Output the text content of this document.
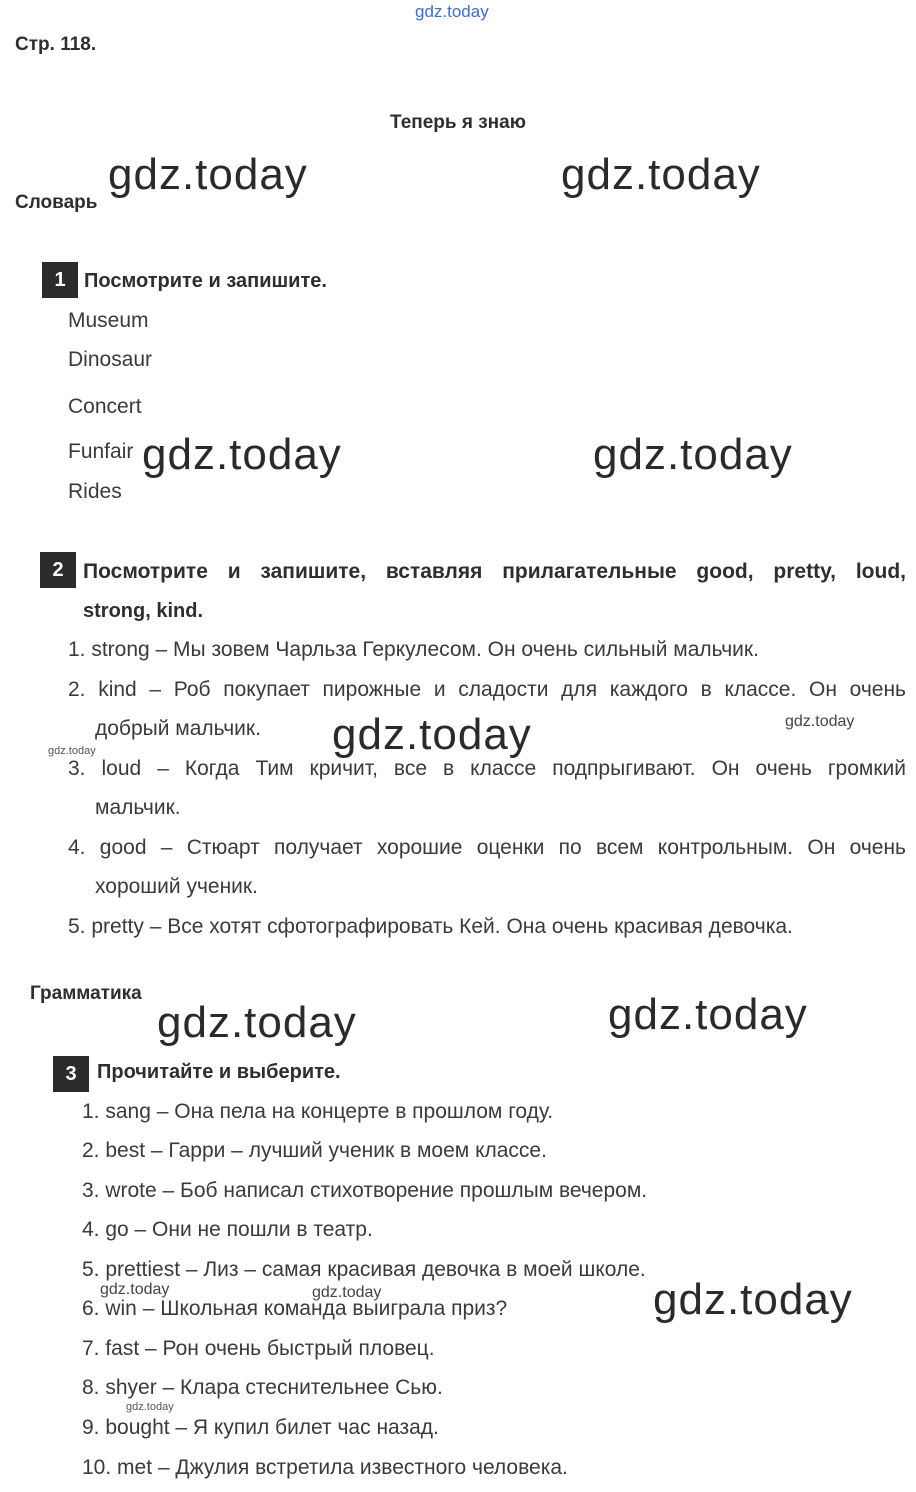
gdz.today
Стр. 118.
Теперь я знаю
gdz.today	gdz.today
Словарь
1 Посмотрите и запишите.
Museum
Dinosaur
Concert
Funfair
Rides
gdz.today	gdz.today
2 Посмотрите и запишите, вставляя прилагательные good, pretty, loud,
strong, kind.
1. strong – Мы зовем Чарльза Геркулесом. Он очень сильный мальчик.
2. kind – Роб покупает пирожные и сладости для каждого в классе. Он очень
добрый мальчик.
3. loud – Когда Тим кричит, все в классе подпрыгивают. Он очень громкий
мальчик.
4. good – Стюарт получает хорошие оценки по всем контрольным. Он очень
хороший ученик.
5. pretty – Все хотят сфотографировать Кей. Она очень красивая девочка.
gdz.today	gdz.today
gdz.today
Грамматика
gdz.today	gdz.today
3	Прочитайте и выберите.
1. sang – Она пела на концерте в прошлом году.
2. best – Гарри – лучший ученик в моем классе.
3. wrote – Боб написал стихотворение прошлым вечером.
4. go – Они не пошли в театр.
5. prettiest – Лиз – самая красивая девочка в моей школе.
6. win – Школьная команда выиграла приз?
7. fast – Рон очень быстрый пловец.
8. shyer – Клара стеснительнее Сью.
9. bought – Я купил билет час назад.
10. met – Джулия встретила известного человека.
gdz.today	gdz.today	gdz.today
gdz.today
